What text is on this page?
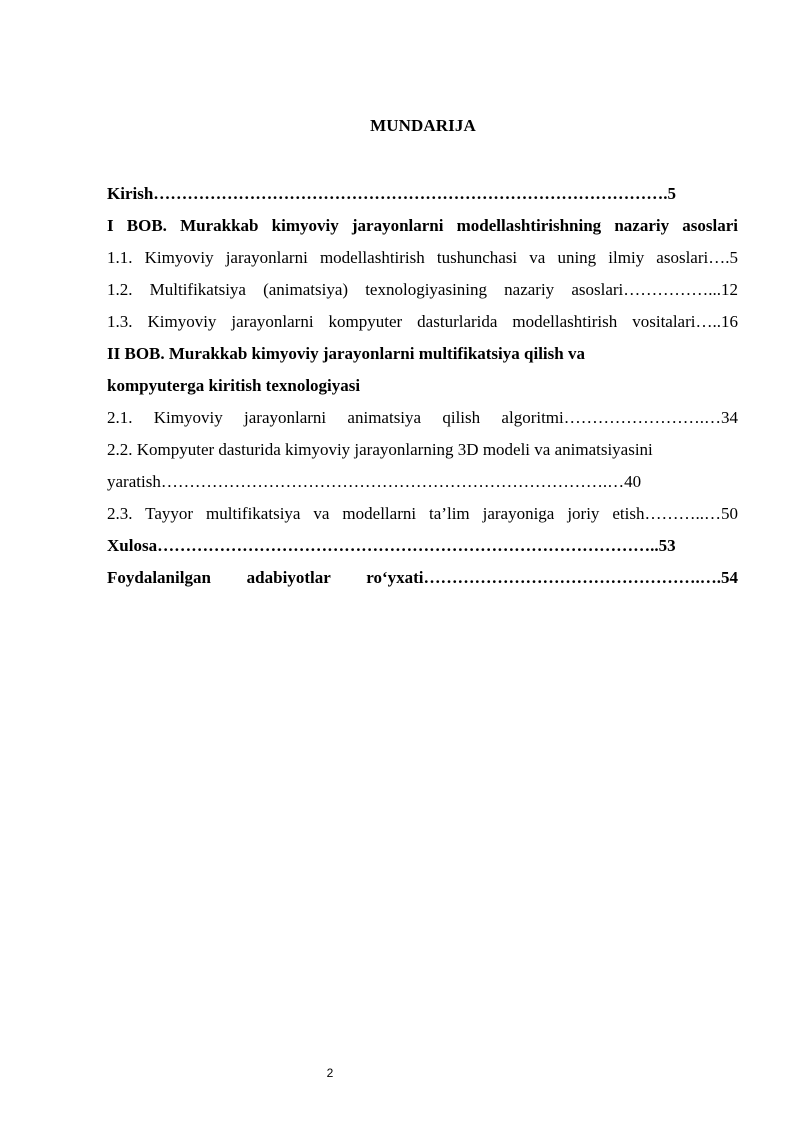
MUNDARIJA
Kirish……………………………………………………………………………….5
I BOB. Murakkab kimyoviy jarayonlarni modellashtirishning nazariy asoslari
1.1. Kimyoviy jarayonlarni modellashtirish tushunchasi va uning ilmiy asoslari….5
1.2. Multifikatsiya (animatsiya) texnologiyasining nazariy asoslari……………...12
1.3. Kimyoviy jarayonlarni kompyuter dasturlarida modellashtirish vositalari…..16
II BOB. Murakkab kimyoviy jarayonlarni multifikatsiya qilish va
kompyuterga kiritish texnologiyasi
2.1. Kimyoviy jarayonlarni animatsiya qilish algoritmi…………………….…34
2.2. Kompyuter dasturida kimyoviy jarayonlarning 3D modeli va animatsiyasini
yaratish…………………………………………………………………….…40
2.3. Tayyor multifikatsiya va modellarni ta’lim jarayoniga joriy etish………..…50
Xulosa……………………………………………………………………………..53
Foydalanilgan adabiyotlar ro‘yxati………………………………………….….54
2
